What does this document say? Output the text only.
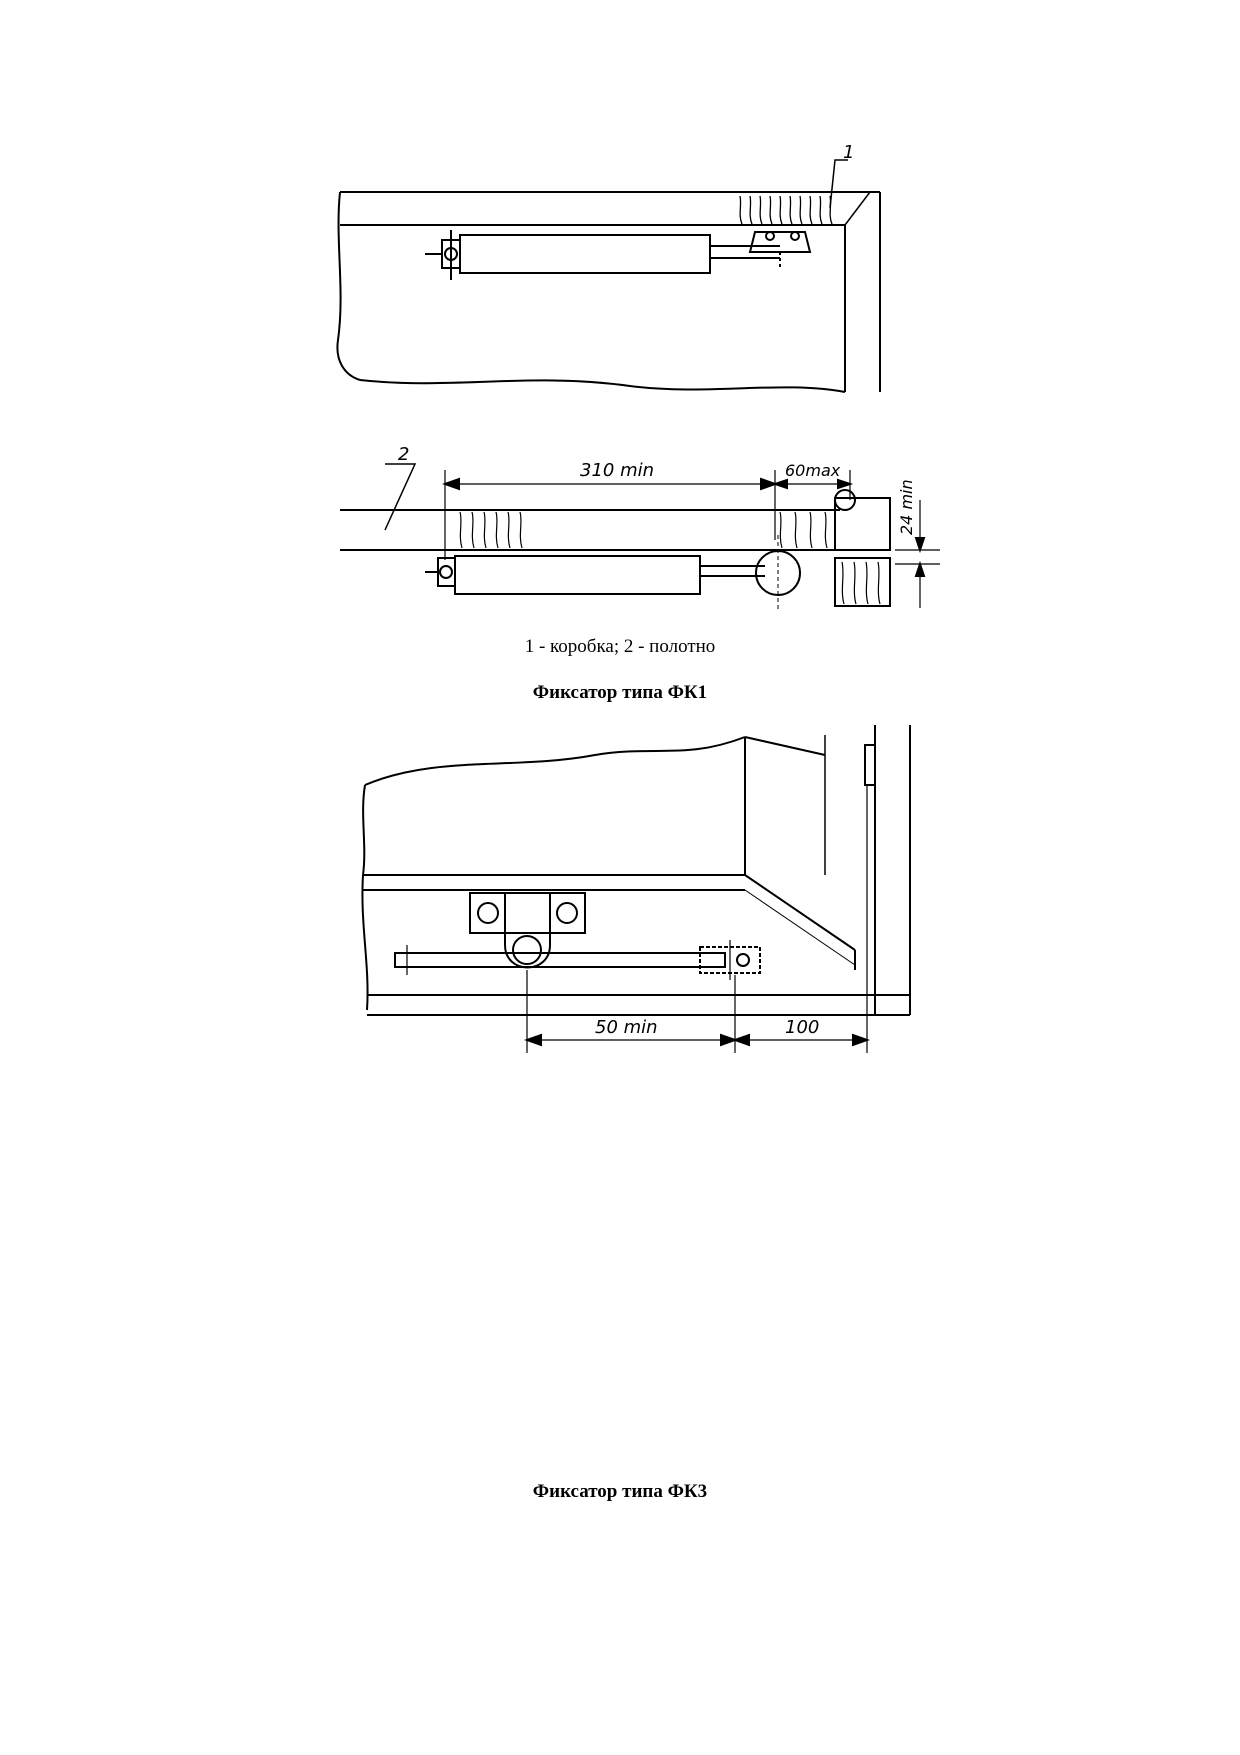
1
2
310 min	60max
24 min
1 - коробка; 2 - полотно
Фиксатор типа ФК1
50 min	100
Фиксатор типа ФК3
